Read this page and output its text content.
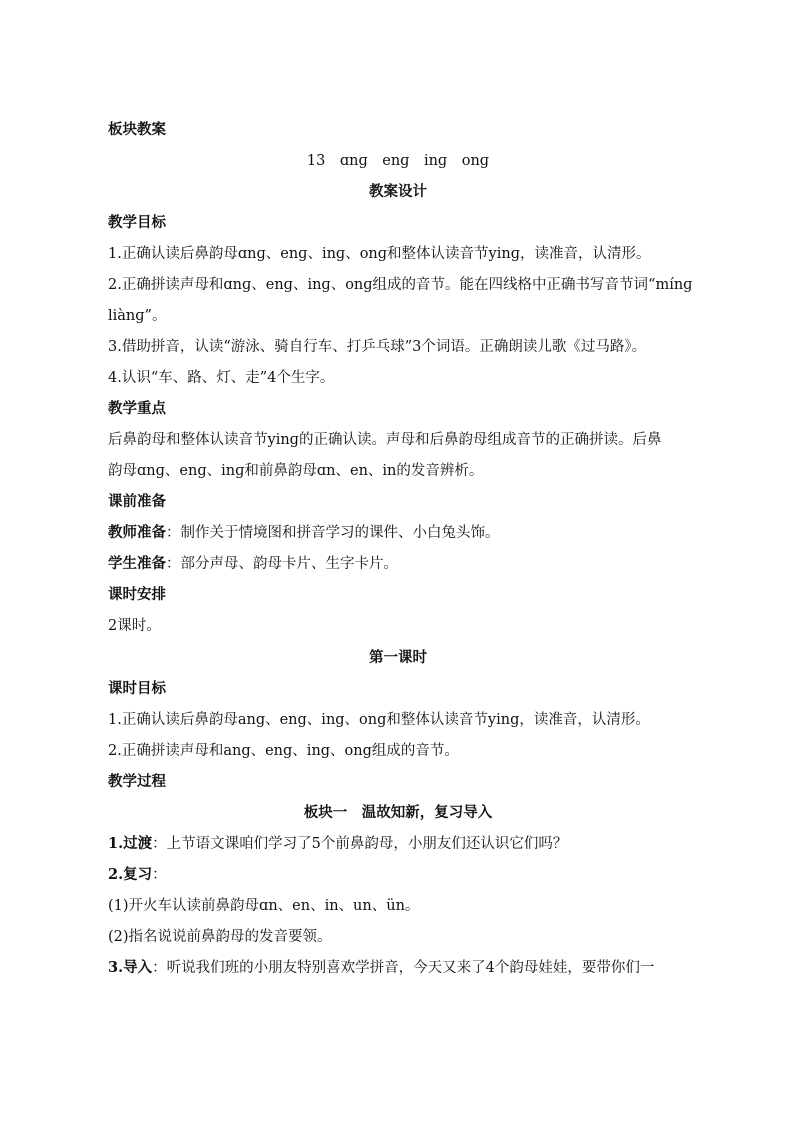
板块教案
13　ɑnɡ　enɡ　inɡ　onɡ
教案设计
教学目标
1.正确认读后鼻韵母ɑnɡ、enɡ、inɡ、onɡ和整体认读音节yinɡ，读准音，认清形。
2.正确拼读声母和ɑnɡ、enɡ、inɡ、onɡ组成的音节。能在四线格中正确书写音节词“mínɡ
liànɡ”。
3.借助拼音，认读“游泳、骑自行车、打乒乓球”3个词语。正确朗读儿歌《过马路》。
4.认识“车、路、灯、走”4个生字。
教学重点
后鼻韵母和整体认读音节yinɡ的正确认读。声母和后鼻韵母组成音节的正确拼读。后鼻
韵母ɑnɡ、enɡ、inɡ和前鼻韵母ɑn、en、in的发音辨析。
课前准备
教师准备：制作关于情境图和拼音学习的课件、小白兔头饰。
学生准备：部分声母、韵母卡片、生字卡片。
课时安排
2课时。
第一课时
课时目标
1.正确认读后鼻韵母ang、eng、ing、ong和整体认读音节ying，读准音，认清形。
2.正确拼读声母和ang、eng、ing、ong组成的音节。
教学过程
板块一　温故知新，复习导入
1.过渡：上节语文课咱们学习了5个前鼻韵母，小朋友们还认识它们吗？
2.复习：
(1)开火车认读前鼻韵母ɑn、en、in、un、ün。
(2)指名说说前鼻韵母的发音要领。
3.导入：听说我们班的小朋友特别喜欢学拼音，今天又来了4个韵母娃娃，要带你们一
